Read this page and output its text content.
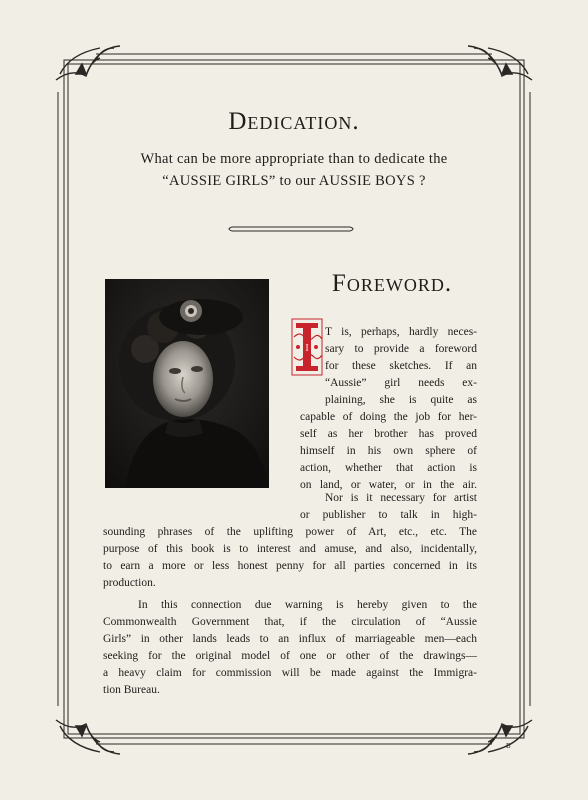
Dedication.
What can be more appropriate than to dedicate the
“AUSSIE GIRLS” to our AUSSIE BOYS ?
Foreword.
I
T is, perhaps, hardly neces-
sary to provide a foreword
for these sketches. If an
“Aussie” girl needs ex-
plaining, she is quite as
capable of doing the job for her-
self as her brother has proved
himself in his own sphere of
action, whether that action is
on land, or water, or in the air.
Nor is it necessary for artist
or publisher to talk in high-
sounding phrases of the uplifting power of Art, etc., etc. The
purpose of this book is to interest and amuse, and also, incidentally,
to earn a more or less honest penny for all parties concerned in its
production.
In this connection due warning is hereby given to the
Commonwealth Government that, if the circulation of “Aussie
Girls” in other lands leads to an influx of marriageable men—each
seeking for the original model of one or other of the drawings—
a heavy claim for commission will be made against the Immigra-
tion Bureau.
B
